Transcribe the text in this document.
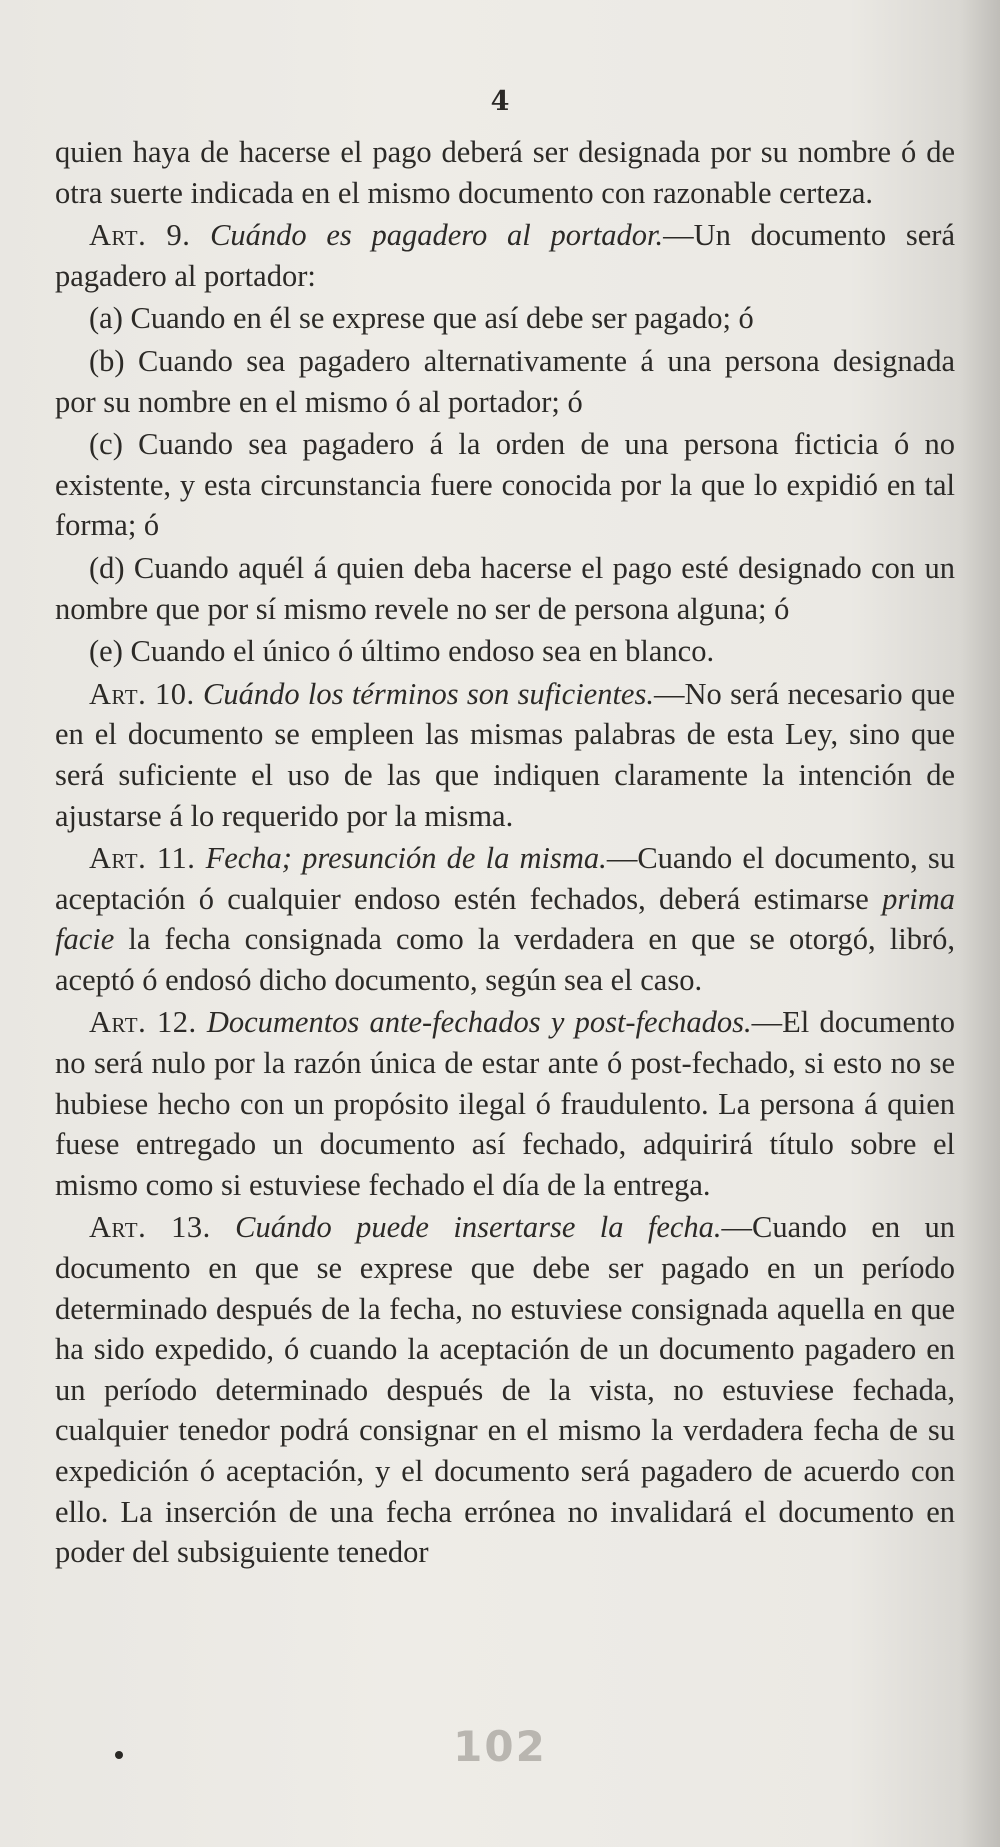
4

quien haya de hacerse el pago deberá ser designada por su nombre ó de otra suerte indicada en el mismo documento con razonable certeza.

Art. 9. Cuándo es pagadero al portador.—Un documento será pagadero al portador:

(a) Cuando en él se exprese que así debe ser pagado; ó

(b) Cuando sea pagadero alternativamente á una persona designada por su nombre en el mismo ó al portador; ó

(c) Cuando sea pagadero á la orden de una persona ficticia ó no existente, y esta circunstancia fuere conocida por la que lo expidió en tal forma; ó

(d) Cuando aquél á quien deba hacerse el pago esté designado con un nombre que por sí mismo revele no ser de persona alguna; ó

(e) Cuando el único ó último endoso sea en blanco.

Art. 10. Cuándo los términos son suficientes.—No será necesario que en el documento se empleen las mismas palabras de esta Ley, sino que será suficiente el uso de las que indiquen claramente la intención de ajustarse á lo requerido por la misma.

Art. 11. Fecha; presunción de la misma.—Cuando el documento, su aceptación ó cualquier endoso estén fechados, deberá estimarse prima facie la fecha consignada como la verdadera en que se otorgó, libró, aceptó ó endosó dicho documento, según sea el caso.

Art. 12. Documentos ante-fechados y post-fechados.—El documento no será nulo por la razón única de estar ante ó post-fechado, si esto no se hubiese hecho con un propósito ilegal ó fraudulento. La persona á quien fuese entregado un documento así fechado, adquirirá título sobre el mismo como si estuviese fechado el día de la entrega.

Art. 13. Cuándo puede insertarse la fecha.—Cuando en un documento en que se exprese que debe ser pagado en un período determinado después de la fecha, no estuviese consignada aquella en que ha sido expedido, ó cuando la aceptación de un documento pagadero en un período determinado después de la vista, no estuviese fechada, cualquier tenedor podrá consignar en el mismo la verdadera fecha de su expedición ó aceptación, y el documento será pagadero de acuerdo con ello. La inserción de una fecha errónea no invalidará el documento en poder del subsiguiente tenedor

102
